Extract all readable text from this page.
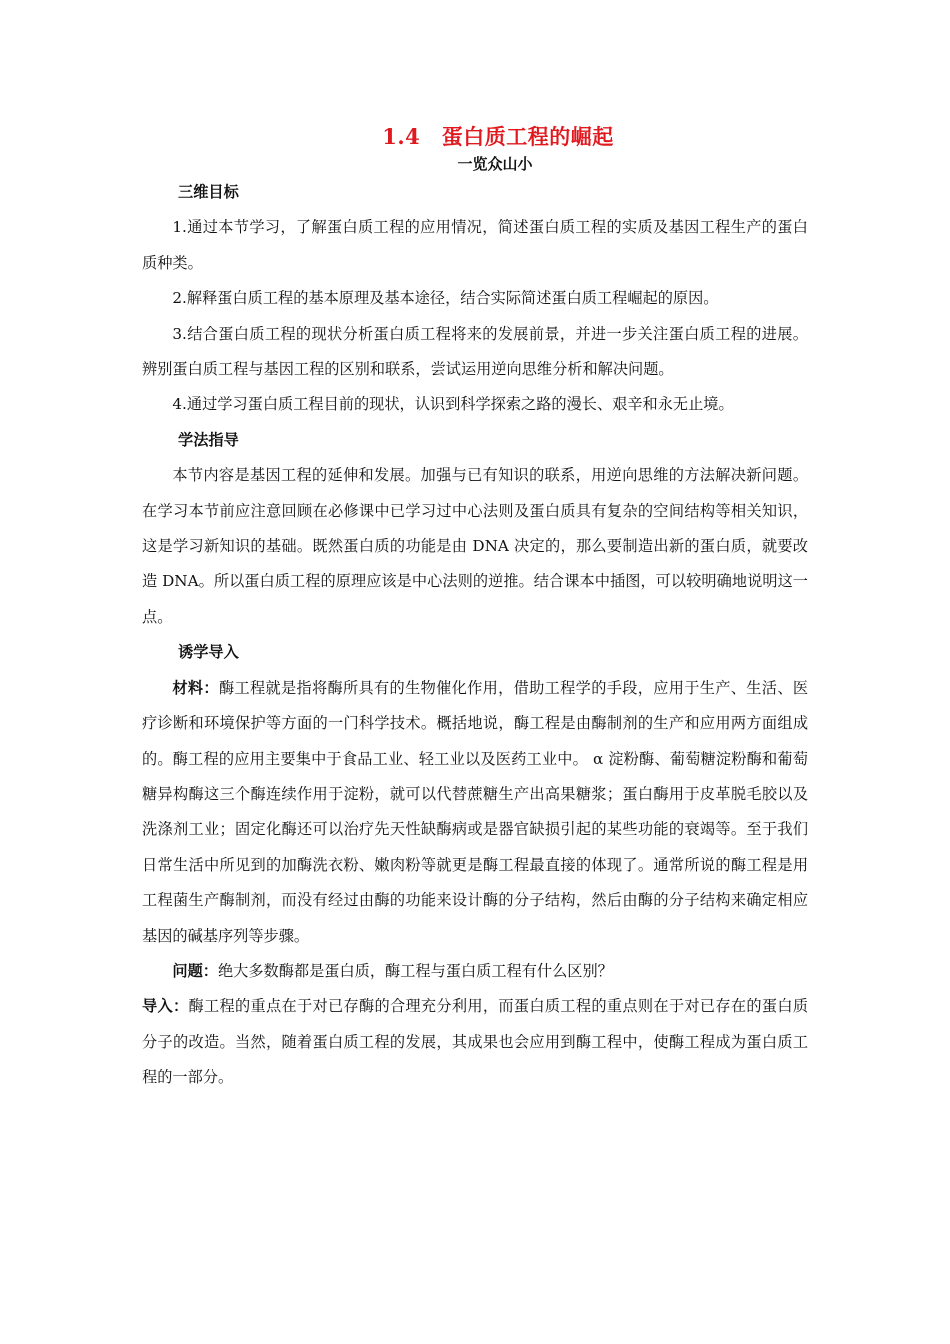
1.4　蛋白质工程的崛起
一览众山小

三维目标

1.通过本节学习，了解蛋白质工程的应用情况，简述蛋白质工程的实质及基因工程生产的蛋白质种类。

2.解释蛋白质工程的基本原理及基本途径，结合实际简述蛋白质工程崛起的原因。

3.结合蛋白质工程的现状分析蛋白质工程将来的发展前景，并进一步关注蛋白质工程的进展。辨别蛋白质工程与基因工程的区别和联系，尝试运用逆向思维分析和解决问题。

4.通过学习蛋白质工程目前的现状，认识到科学探索之路的漫长、艰辛和永无止境。

学法指导

本节内容是基因工程的延伸和发展。加强与已有知识的联系，用逆向思维的方法解决新问题。在学习本节前应注意回顾在必修课中已学习过中心法则及蛋白质具有复杂的空间结构等相关知识，这是学习新知识的基础。既然蛋白质的功能是由 DNA 决定的，那么要制造出新的蛋白质，就要改造 DNA。所以蛋白质工程的原理应该是中心法则的逆推。结合课本中插图，可以较明确地说明这一点。

诱学导入

材料：酶工程就是指将酶所具有的生物催化作用，借助工程学的手段，应用于生产、生活、医疗诊断和环境保护等方面的一门科学技术。概括地说，酶工程是由酶制剂的生产和应用两方面组成的。酶工程的应用主要集中于食品工业、轻工业以及医药工业中。 α 淀粉酶、葡萄糖淀粉酶和葡萄糖异构酶这三个酶连续作用于淀粉，就可以代替蔗糖生产出高果糖浆；蛋白酶用于皮革脱毛胶以及洗涤剂工业；固定化酶还可以治疗先天性缺酶病或是器官缺损引起的某些功能的衰竭等。至于我们日常生活中所见到的加酶洗衣粉、嫩肉粉等就更是酶工程最直接的体现了。通常所说的酶工程是用工程菌生产酶制剂，而没有经过由酶的功能来设计酶的分子结构，然后由酶的分子结构来确定相应基因的碱基序列等步骤。

问题：绝大多数酶都是蛋白质，酶工程与蛋白质工程有什么区别？

导入：酶工程的重点在于对已存酶的合理充分利用，而蛋白质工程的重点则在于对已存在的蛋白质分子的改造。当然，随着蛋白质工程的发展，其成果也会应用到酶工程中，使酶工程成为蛋白质工程的一部分。
